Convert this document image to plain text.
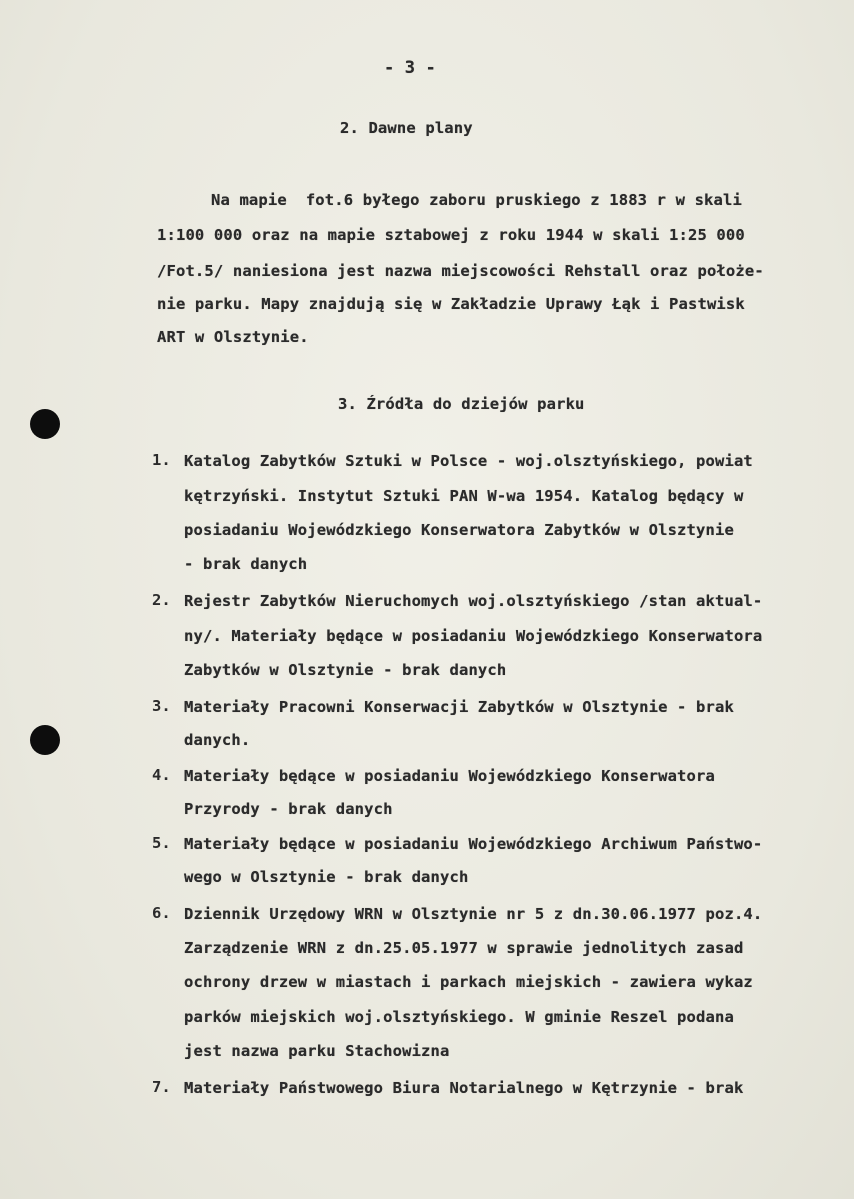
- 3 -
2. Dawne plany
Na mapie  fot.6 byłego zaboru pruskiego z 1883 r w skali
1:100 000 oraz na mapie sztabowej z roku 1944 w skali 1:25 000
/Fot.5/ naniesiona jest nazwa miejscowości Rehstall oraz położe-
nie parku. Mapy znajdują się w Zakładzie Uprawy Łąk i Pastwisk
ART w Olsztynie.
3. Źródła do dziejów parku
1. Katalog Zabytków Sztuki w Polsce - woj.olsztyńskiego, powiat
kętrzyński. Instytut Sztuki PAN W-wa 1954. Katalog będący w
posiadaniu Wojewódzkiego Konserwatora Zabytków w Olsztynie
- brak danych
2. Rejestr Zabytków Nieruchomych woj.olsztyńskiego /stan aktual-
ny/. Materiały będące w posiadaniu Wojewódzkiego Konserwatora
Zabytków w Olsztynie - brak danych
3. Materiały Pracowni Konserwacji Zabytków w Olsztynie - brak
danych.
4. Materiały będące w posiadaniu Wojewódzkiego Konserwatora
Przyrody - brak danych
5. Materiały będące w posiadaniu Wojewódzkiego Archiwum Państwo-
wego w Olsztynie - brak danych
6. Dziennik Urzędowy WRN w Olsztynie nr 5 z dn.30.06.1977 poz.4.
Zarządzenie WRN z dn.25.05.1977 w sprawie jednolitych zasad
ochrony drzew w miastach i parkach miejskich - zawiera wykaz
parków miejskich woj.olsztyńskiego. W gminie Reszel podana
jest nazwa parku Stachowizna
7. Materiały Państwowego Biura Notarialnego w Kętrzynie - brak
